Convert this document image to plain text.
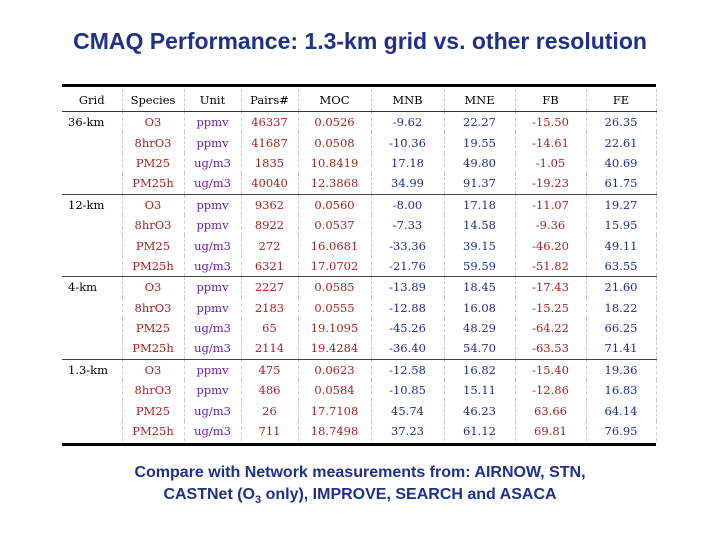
CMAQ Performance: 1.3-km grid vs. other resolution
Grid	Species	Unit	Pairs#	MOC	MNB	MNE	FB	FE
36-km	O3	ppmv	46337	0.0526	-9.62	22.27	-15.50	26.35
	8hrO3	ppmv	41687	0.0508	-10.36	19.55	-14.61	22.61
	PM25	ug/m3	1835	10.8419	17.18	49.80	-1.05	40.69
	PM25h	ug/m3	40040	12.3868	34.99	91.37	-19.23	61.75
12-km	O3	ppmv	9362	0.0560	-8.00	17.18	-11.07	19.27
	8hrO3	ppmv	8922	0.0537	-7.33	14.58	-9.36	15.95
	PM25	ug/m3	272	16.0681	-33.36	39.15	-46.20	49.11
	PM25h	ug/m3	6321	17.0702	-21.76	59.59	-51.82	63.55
4-km	O3	ppmv	2227	0.0585	-13.89	18.45	-17.43	21.60
	8hrO3	ppmv	2183	0.0555	-12.88	16.08	-15.25	18.22
	PM25	ug/m3	65	19.1095	-45.26	48.29	-64.22	66.25
	PM25h	ug/m3	2114	19.4284	-36.40	54.70	-63.53	71.41
1.3-km	O3	ppmv	475	0.0623	-12.58	16.82	-15.40	19.36
	8hrO3	ppmv	486	0.0584	-10.85	15.11	-12.86	16.83
	PM25	ug/m3	26	17.7108	45.74	46.23	63.66	64.14
	PM25h	ug/m3	711	18.7498	37.23	61.12	69.81	76.95
Compare with Network measurements from: AIRNOW, STN,
CASTNet ($O_3$ only), IMPROVE, SEARCH and ASACA
